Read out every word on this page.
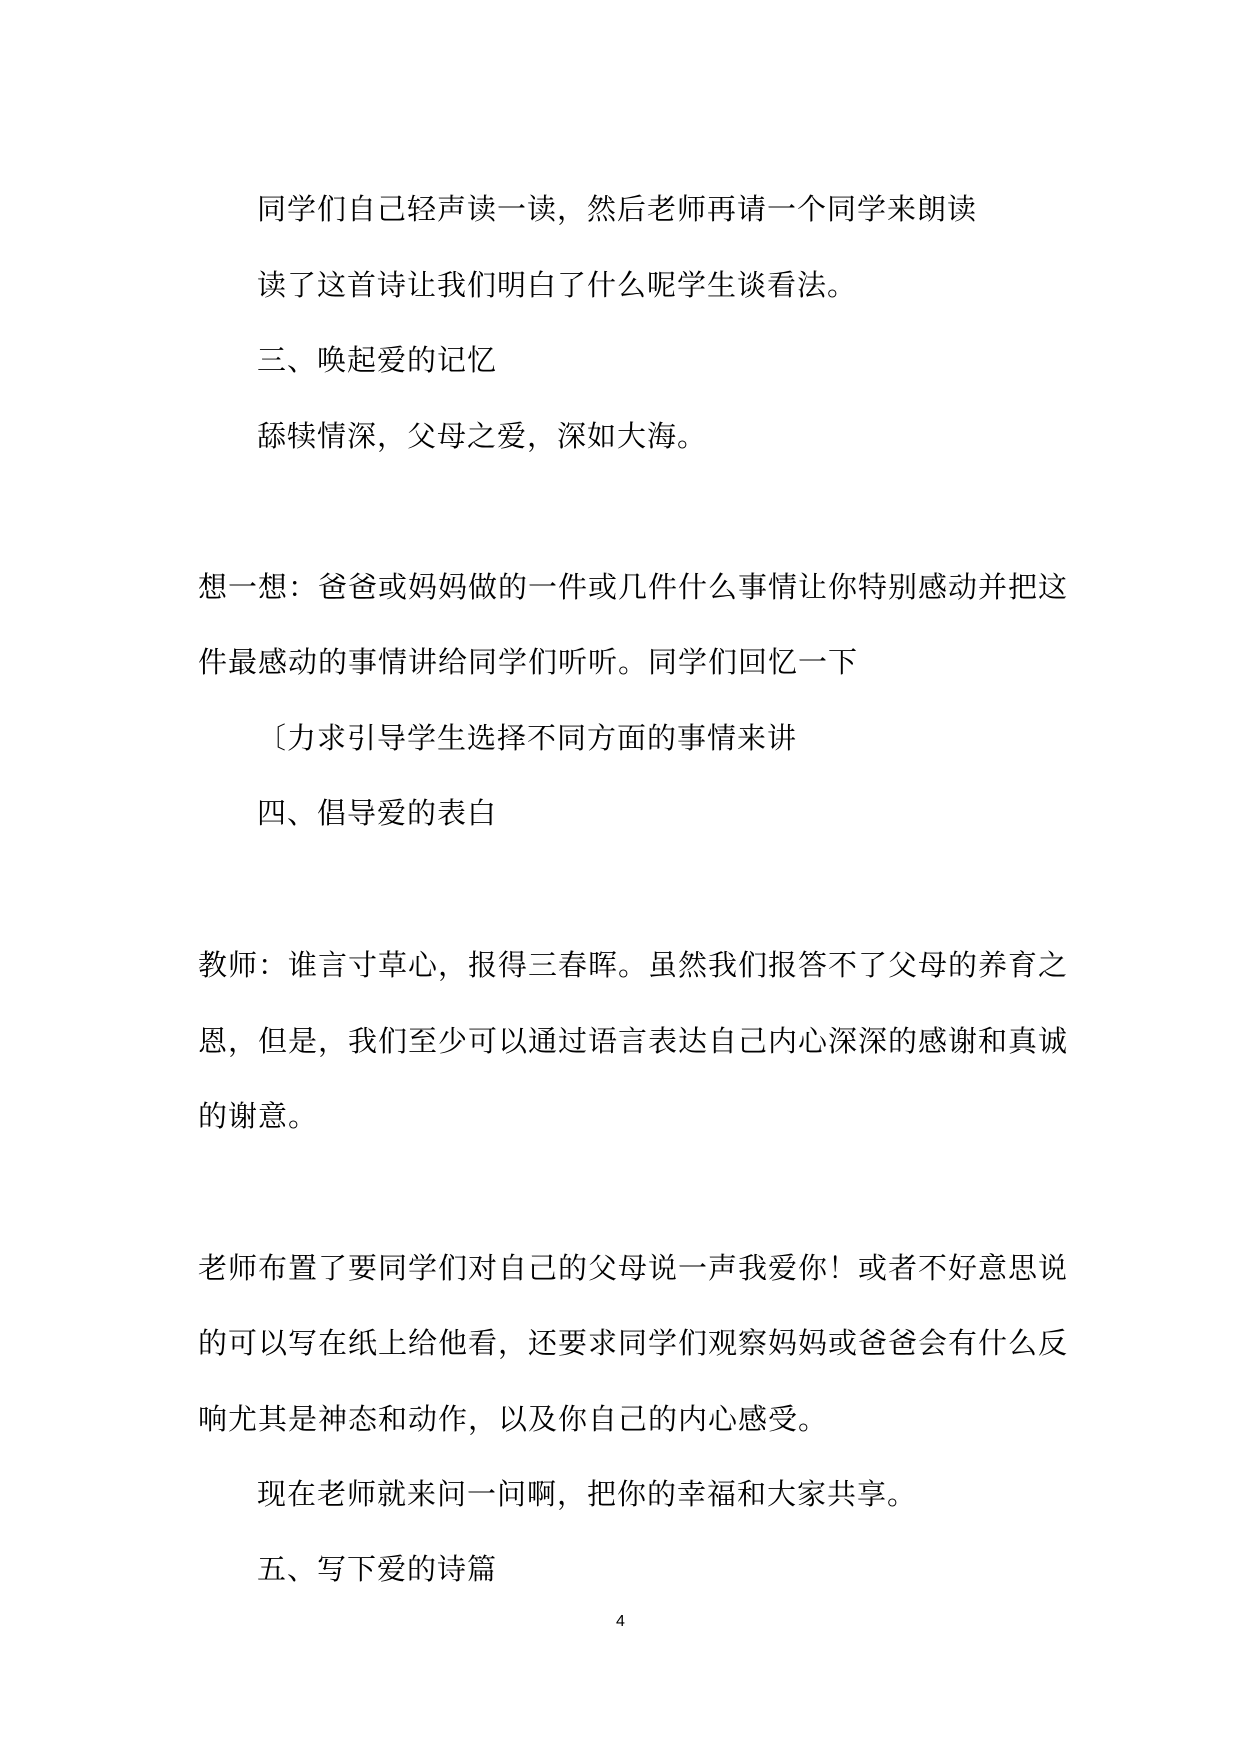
同学们自己轻声读一读，然后老师再请一个同学来朗读

读了这首诗让我们明白了什么呢学生谈看法。

三、唤起爱的记忆

舔犊情深，父母之爱，深如大海。

想一想：爸爸或妈妈做的一件或几件什么事情让你特别感动并把这

件最感动的事情讲给同学们听听。同学们回忆一下

〔力求引导学生选择不同方面的事情来讲

四、倡导爱的表白

教师：谁言寸草心，报得三春晖。虽然我们报答不了父母的养育之

恩，但是，我们至少可以通过语言表达自己内心深深的感谢和真诚

的谢意。

老师布置了要同学们对自己的父母说一声我爱你！或者不好意思说

的可以写在纸上给他看，还要求同学们观察妈妈或爸爸会有什么反

响尤其是神态和动作，以及你自己的内心感受。

现在老师就来问一问啊，把你的幸福和大家共享。

五、写下爱的诗篇

4
